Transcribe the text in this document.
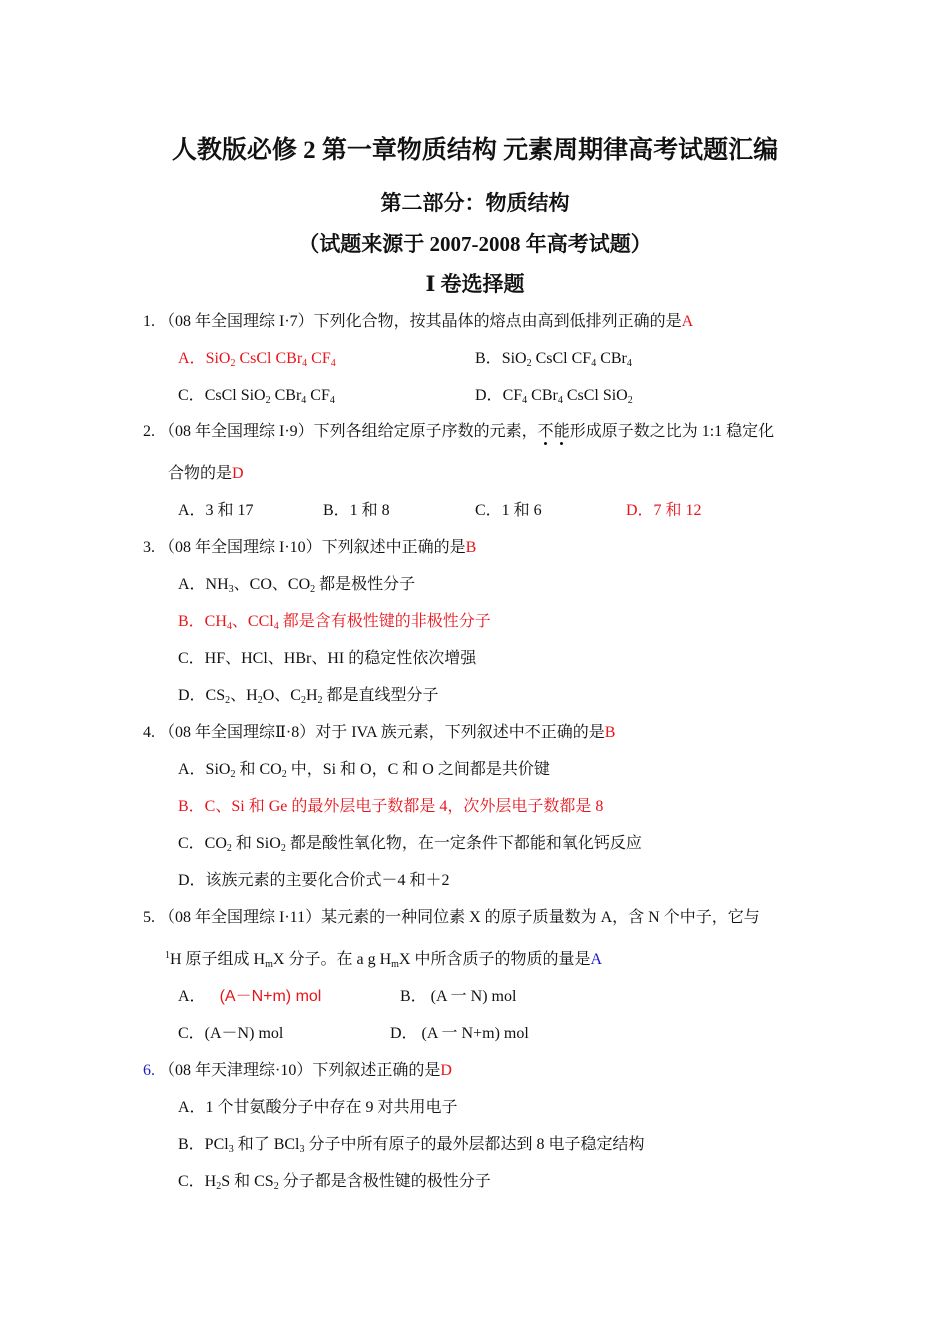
人教版必修 2 第一章物质结构 元素周期律高考试题汇编
第二部分：物质结构
（试题来源于 2007-2008 年高考试题）
Ⅰ 卷选择题
1. （08 年全国理综 I·7）下列化合物，按其晶体的熔点由高到低排列正确的是A
A．SiO$_2$ CsCl CBr$_4$ $CF_4$	B．SiO$_2$ CsCl $CF_4$ CBr$_4$
C．CsCl SiO$_2$ CBr$_4$ $CF_4$	D．$CF_4$ CBr$_4$ CsCl SiO$_2$
2. （08 年全国理综 I·9）下列各组给定原子序数的元素，不能形成原子数之比为 1:1 稳定化
合物的是D
A．3 和 17	B．1 和 8	C．1 和 6	D．7 和 12
3. （08 年全国理综 I·10）下列叙述中正确的是B
A．$NH_3$、CO、$CO_2$ 都是极性分子
B．$CH_4$、CCl$_4$ 都是含有极性键的非极性分子
C．HF、HCl、HBr、HI 的稳定性依次增强
D．$CS_2$、$H_2O$、$C_2H_2$ 都是直线型分子
4. （08 年全国理综Ⅱ·8）对于 IVA 族元素，下列叙述中不正确的是B
A．SiO$_2$ 和 $CO_2$ 中，Si 和 O，C 和 O 之间都是共价键
B．C、Si 和 Ge 的最外层电子数都是 4，次外层电子数都是 8
C．$CO_2$ 和 SiO$_2$ 都是酸性氧化物，在一定条件下都能和氧化钙反应
D．该族元素的主要化合价式－4 和＋2
5. （08 年全国理综 I·11）某元素的一种同位素 X 的原子质量数为 A，含 N 个中子，它与
$^1$H 原子组成 $H_mX$ 分子。在 a g $H_mX$ 中所含质子的物质的量是A
A． (A－N+m) mol	B． (A 一 N) mol
C．(A－N) mol	D． (A 一 N+m) mol
6. （08 年天津理综·10）下列叙述正确的是D
A．1 个甘氨酸分子中存在 9 对共用电子
B．PCl$_3$ 和了 BCl$_3$ 分子中所有原子的最外层都达到 8 电子稳定结构
C．$H_2S$ 和 $CS_2$ 分子都是含极性键的极性分子
